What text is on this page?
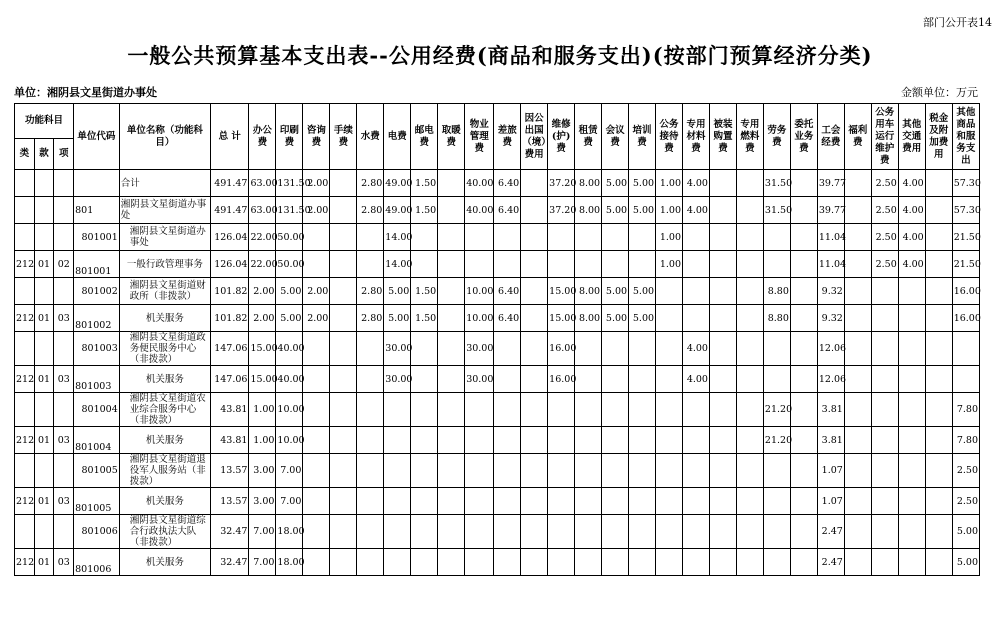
部门公开表14
一般公共预算基本支出表--公用经费(商品和服务支出)(按部门预算经济分类)
单位：湘阴县文星街道办事处	金额单位：万元
功能科目			单位代码	单位名称（功能科目）	总 计	办公费	印刷费	咨询费	手续费	水费	电费	邮电费	取暖费	物业管理费	差旅费	因公出国（境）费用	维修(护)费	租赁费	会议费	培训费	公务接待费	专用材料费	被装购置费	专用燃料费	劳务费	委托业务费	工会经费	福利费	公务用车运行维护费	其他交通费用	税金及附加费用	其他商品和服务支出
类	款	项																														
				合计	491.47	63.00	131.50	2.00		2.80	49.00	1.50		40.00	6.40		37.20	8.00	5.00	5.00	1.00	4.00			31.50		39.77		2.50	4.00		57.30
			801	湘阴县文星街道办事处	491.47	63.00	131.50	2.00		2.80	49.00	1.50		40.00	6.40		37.20	8.00	5.00	5.00	1.00	4.00			31.50		39.77		2.50	4.00		57.30
			801001	湘阴县文星街道办事处	126.04	22.00	50.00				14.00										1.00						11.04		2.50	4.00		21.50
212	01	02	801001	一般行政管理事务	126.04	22.00	50.00				14.00										1.00						11.04		2.50	4.00		21.50
			801002	湘阴县文星街道财政所（非拨款）	101.82	2.00	5.00	2.00		2.80	5.00	1.50		10.00	6.40		15.00	8.00	5.00	5.00					8.80		9.32					16.00
212	01	03	801002	机关服务	101.82	2.00	5.00	2.00		2.80	5.00	1.50		10.00	6.40		15.00	8.00	5.00	5.00					8.80		9.32					16.00
			801003	湘阴县文星街道政务便民服务中心（非拨款）	147.06	15.00	40.00				30.00			30.00			16.00					4.00					12.06					
212	01	03	801003	机关服务	147.06	15.00	40.00				30.00			30.00			16.00					4.00					12.06					
			801004	湘阴县文星街道农业综合服务中心（非拨款）	43.81	1.00	10.00																		21.20		3.81					7.80
212	01	03	801004	机关服务	43.81	1.00	10.00																		21.20		3.81					7.80
			801005	湘阴县文星街道退役军人服务站（非拨款）	13.57	3.00	7.00																				1.07					2.50
212	01	03	801005	机关服务	13.57	3.00	7.00																				1.07					2.50
			801006	湘阴县文星街道综合行政执法大队（非拨款）	32.47	7.00	18.00																				2.47					5.00
212	01	03	801006	机关服务	32.47	7.00	18.00																				2.47					5.00
